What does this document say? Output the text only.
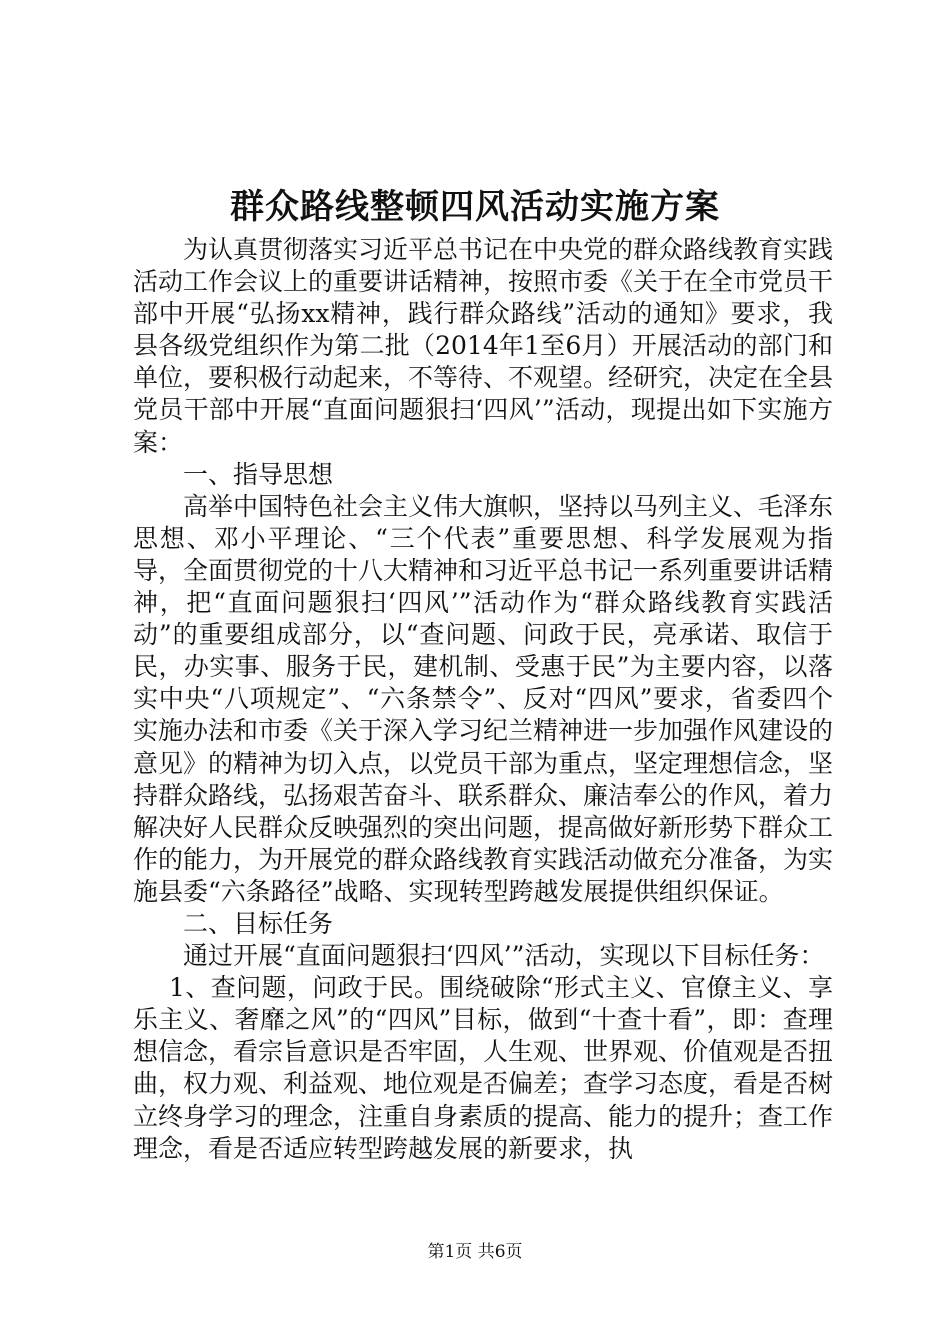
群众路线整顿四风活动实施方案

为认真贯彻落实习近平总书记在中央党的群众路线教育实践活动工作会议上的重要讲话精神，按照市委《关于在全市党员干部中开展“弘扬xx精神，践行群众路线”活动的通知》要求，我县各级党组织作为第二批（2014年1至6月）开展活动的部门和单位，要积极行动起来，不等待、不观望。经研究，决定在全县党员干部中开展“直面问题狠扫‘四风’”活动，现提出如下实施方案：

一、指导思想

高举中国特色社会主义伟大旗帜，坚持以马列主义、毛泽东思想、邓小平理论、“三个代表”重要思想、科学发展观为指导，全面贯彻党的十八大精神和习近平总书记一系列重要讲话精神，把“直面问题狠扫‘四风’”活动作为“群众路线教育实践活动”的重要组成部分，以“查问题、问政于民，亮承诺、取信于民，办实事、服务于民，建机制、受惠于民”为主要内容，以落实中央“八项规定”、“六条禁令”、反对“四风”要求，省委四个实施办法和市委《关于深入学习纪兰精神进一步加强作风建设的意见》的精神为切入点，以党员干部为重点，坚定理想信念，坚持群众路线，弘扬艰苦奋斗、联系群众、廉洁奉公的作风，着力解决好人民群众反映强烈的突出问题，提高做好新形势下群众工作的能力，为开展党的群众路线教育实践活动做充分准备，为实施县委“六条路径”战略、实现转型跨越发展提供组织保证。

二、目标任务

通过开展“直面问题狠扫‘四风’”活动，实现以下目标任务：

1、查问题，问政于民。围绕破除“形式主义、官僚主义、享乐主义、奢靡之风”的“四风”目标，做到“十查十看”，即：查理想信念，看宗旨意识是否牢固，人生观、世界观、价值观是否扭曲，权力观、利益观、地位观是否偏差；查学习态度，看是否树立终身学习的理念，注重自身素质的提高、能力的提升；查工作理念，看是否适应转型跨越发展的新要求，执

第1页 共6页
